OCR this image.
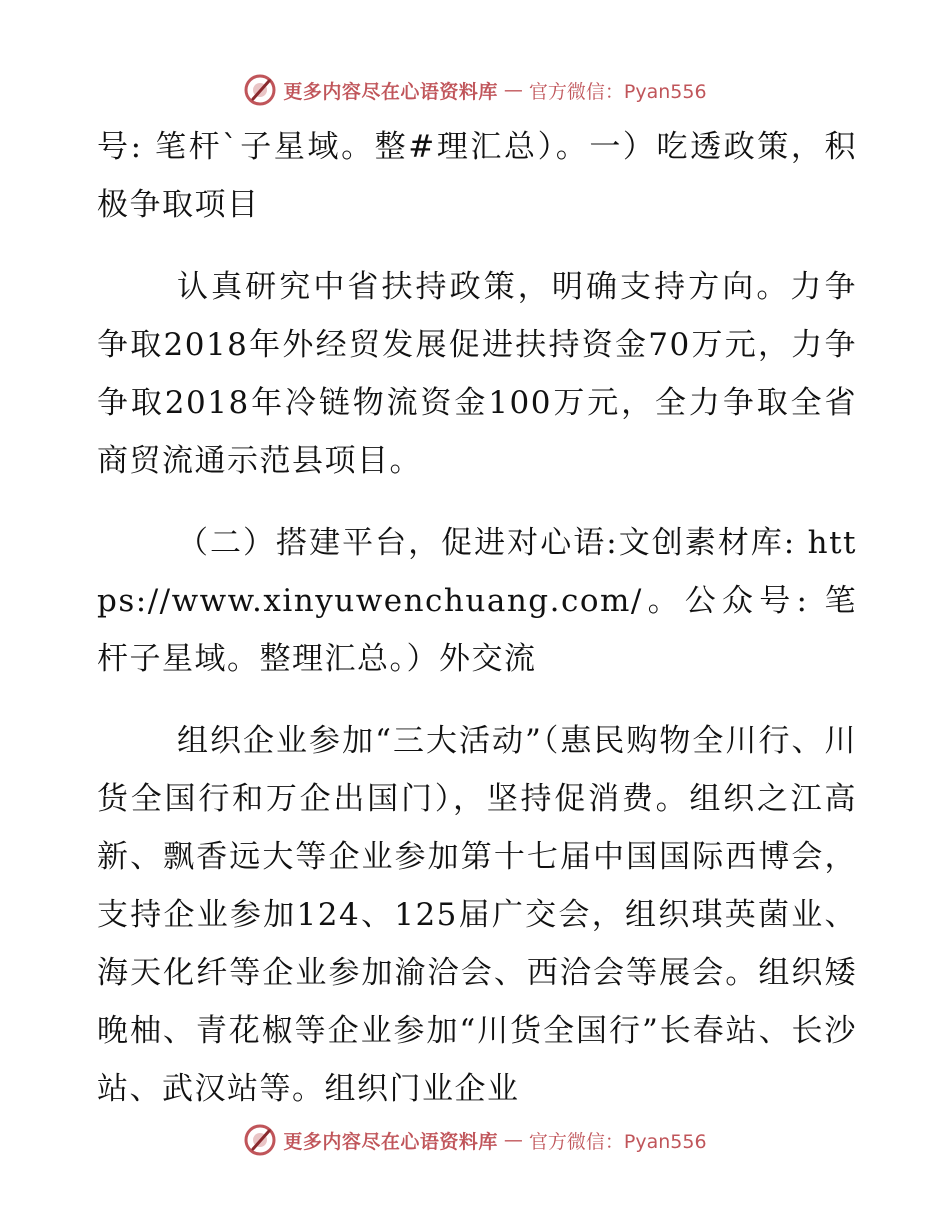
更多内容尽在心语资料库 — 官方微信：Pyan556

号: 笔杆`子星域。整#理汇总）。一）吃透政策，积极争取项目

认真研究中省扶持政策，明确支持方向。力争争取2018年外经贸发展促进扶持资金70万元，力争争取2018年冷链物流资金100万元，全力争取全省商贸流通示范县项目。

（二）搭建平台，促进对心语:文创素材库: https://www.xinyuwenchuang.com/。公众号: 笔杆子星域。整理汇总。）外交流

组织企业参加“三大活动”（惠民购物全川行、川货全国行和万企出国门），坚持促消费。组织之江高新、飘香远大等企业参加第十七届中国国际西博会，支持企业参加124、125届广交会，组织琪英菌业、海天化纤等企业参加渝洽会、西洽会等展会。组织矮晚柚、青花椒等企业参加“川货全国行”长春站、长沙站、武汉站等。组织门业企业

更多内容尽在心语资料库 — 官方微信：Pyan556
